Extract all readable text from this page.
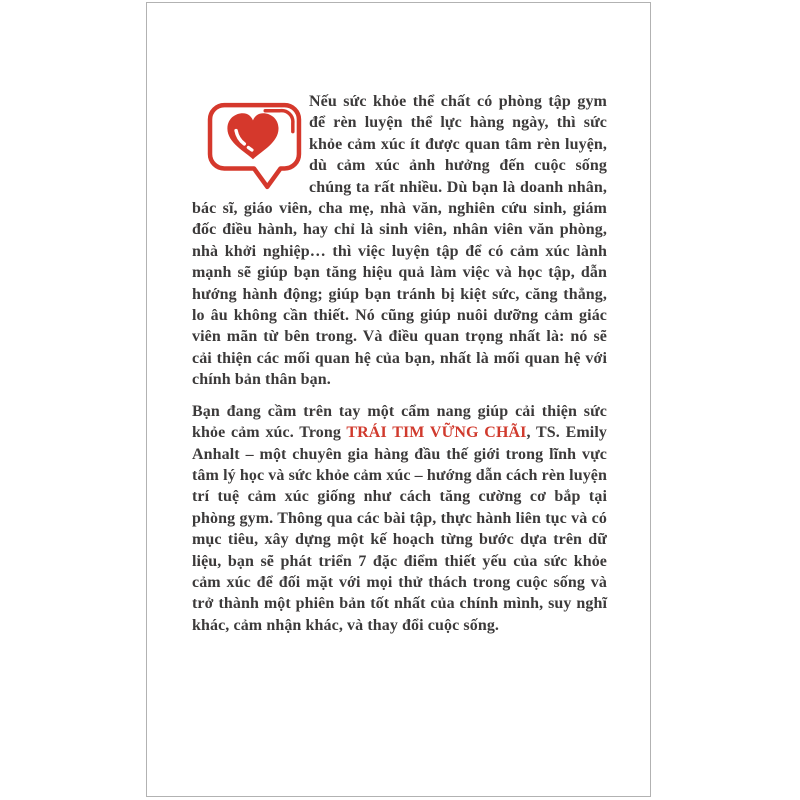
Nếu sức khỏe thể chất có phòng tập gym để rèn luyện thể lực hàng ngày, thì sức khỏe cảm xúc ít được quan tâm rèn luyện, dù cảm xúc ảnh hưởng đến cuộc sống chúng ta rất nhiều. Dù bạn là doanh nhân, bác sĩ, giáo viên, cha mẹ, nhà văn, nghiên cứu sinh, giám đốc điều hành, hay chỉ là sinh viên, nhân viên văn phòng, nhà khởi nghiệp… thì việc luyện tập để có cảm xúc lành mạnh sẽ giúp bạn tăng hiệu quả làm việc và học tập, dẫn hướng hành động; giúp bạn tránh bị kiệt sức, căng thẳng, lo âu không cần thiết. Nó cũng giúp nuôi dưỡng cảm giác viên mãn từ bên trong. Và điều quan trọng nhất là: nó sẽ cải thiện các mối quan hệ của bạn, nhất là mối quan hệ với chính bản thân bạn.

Bạn đang cầm trên tay một cẩm nang giúp cải thiện sức khỏe cảm xúc. Trong TRÁI TIM VỮNG CHÃI, TS. Emily Anhalt – một chuyên gia hàng đầu thế giới trong lĩnh vực tâm lý học và sức khỏe cảm xúc – hướng dẫn cách rèn luyện trí tuệ cảm xúc giống như cách tăng cường cơ bắp tại phòng gym. Thông qua các bài tập, thực hành liên tục và có mục tiêu, xây dựng một kế hoạch từng bước dựa trên dữ liệu, bạn sẽ phát triển 7 đặc điểm thiết yếu của sức khỏe cảm xúc để đối mặt với mọi thử thách trong cuộc sống và trở thành một phiên bản tốt nhất của chính mình, suy nghĩ khác, cảm nhận khác, và thay đổi cuộc sống.
